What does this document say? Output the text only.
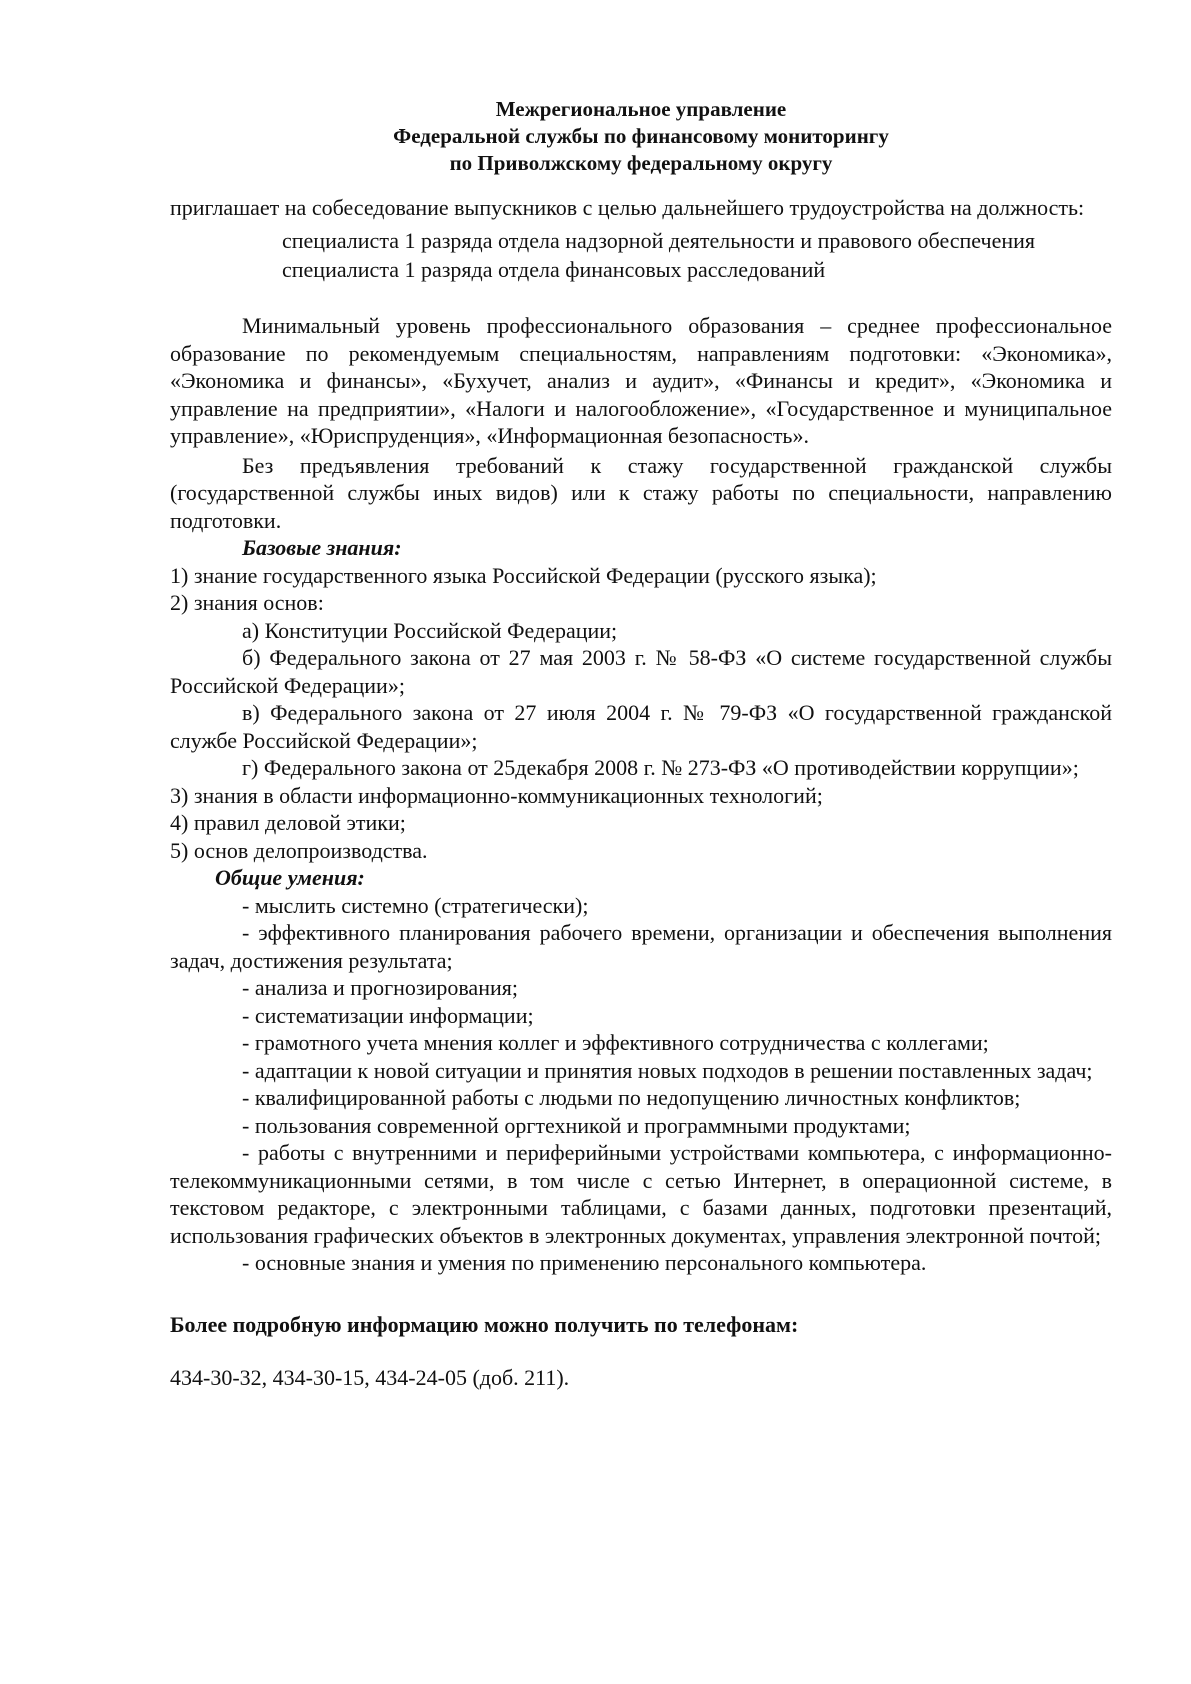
Межрегиональное управление
Федеральной службы по финансовому мониторингу
по Приволжскому федеральному округу

приглашает на собеседование выпускников с целью дальнейшего трудоустройства на должность:

специалиста 1 разряда отдела надзорной деятельности и правового обеспечения

специалиста 1 разряда отдела финансовых расследований

Минимальный уровень профессионального образования – среднее профессиональное образование по рекомендуемым специальностям, направлениям подготовки: «Экономика», «Экономика и финансы», «Бухучет, анализ и аудит», «Финансы и кредит», «Экономика и управление на предприятии», «Налоги и налогообложение», «Государственное и муниципальное управление», «Юриспруденция», «Информационная безопасность».

Без предъявления требований к стажу государственной гражданской службы (государственной службы иных видов) или к стажу работы по специальности, направлению подготовки.

Базовые знания:

1) знание государственного языка Российской Федерации (русского языка);

2) знания основ:

а) Конституции Российской Федерации;

б) Федерального закона от 27 мая 2003 г. № 58-ФЗ «О системе государственной службы Российской Федерации»;

в) Федерального закона от 27 июля 2004 г. № 79-ФЗ «О государственной гражданской службе Российской Федерации»;

г) Федерального закона от 25декабря 2008 г. № 273-ФЗ «О противодействии коррупции»;

3) знания в области информационно-коммуникационных технологий;

4) правил деловой этики;

5) основ делопроизводства.

Общие умения:

- мыслить системно (стратегически);

- эффективного планирования рабочего времени, организации и обеспечения выполнения задач, достижения результата;

- анализа и прогнозирования;

- систематизации информации;

- грамотного учета мнения коллег и эффективного сотрудничества с коллегами;

- адаптации к новой ситуации и принятия новых подходов в решении поставленных задач;

- квалифицированной работы с людьми по недопущению личностных конфликтов;

- пользования современной оргтехникой и программными продуктами;

- работы с внутренними и периферийными устройствами компьютера, с информационно-телекоммуникационными сетями, в том числе с сетью Интернет, в операционной системе, в текстовом редакторе, с электронными таблицами, с базами данных, подготовки презентаций, использования графических объектов в электронных документах, управления электронной почтой;

- основные знания и умения по применению персонального компьютера.

Более подробную информацию можно получить по телефонам:

434-30-32, 434-30-15, 434-24-05 (доб. 211).
